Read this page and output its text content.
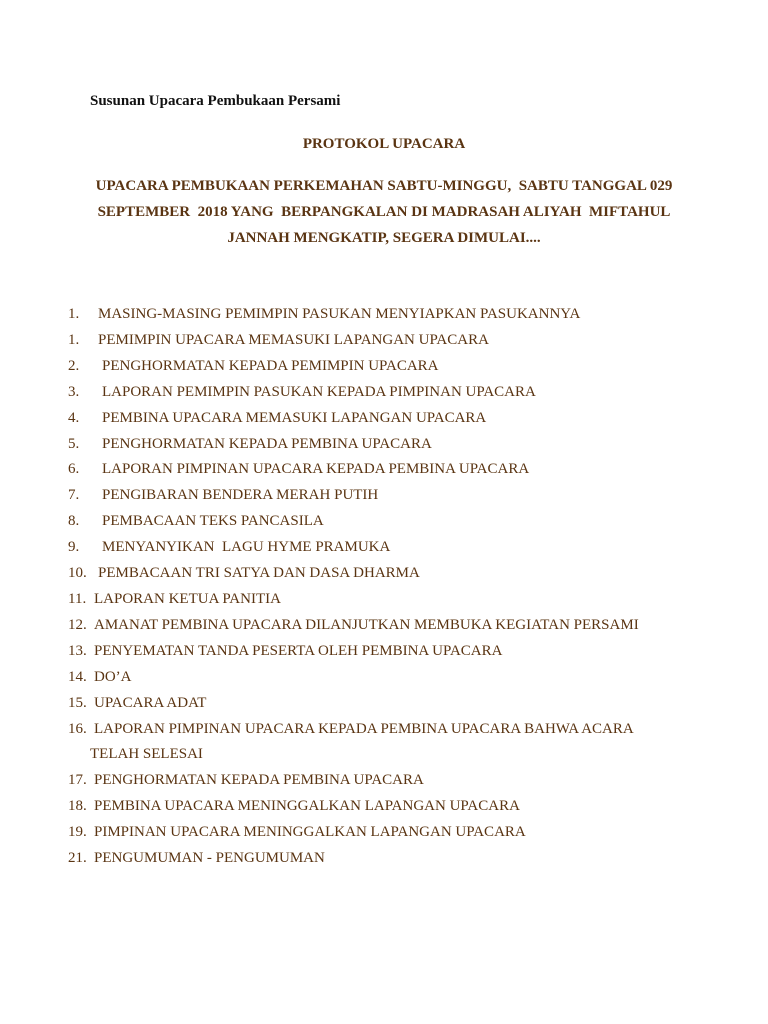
Susunan Upacara Pembukaan Persami
PROTOKOL UPACARA
UPACARA PEMBUKAAN PERKEMAHAN SABTU-MINGGU,  SABTU TANGGAL 029
SEPTEMBER  2018 YANG  BERPANGKALAN DI MADRASAH ALIYAH  MIFTAHUL
JANNAH MENGKATIP, SEGERA DIMULAI....
1. MASING-MASING PEMIMPIN PASUKAN MENYIAPKAN PASUKANNYA
1. PEMIMPIN UPACARA MEMASUKI LAPANGAN UPACARA
2. PENGHORMATAN KEPADA PEMIMPIN UPACARA
3. LAPORAN PEMIMPIN PASUKAN KEPADA PIMPINAN UPACARA
4. PEMBINA UPACARA MEMASUKI LAPANGAN UPACARA
5. PENGHORMATAN KEPADA PEMBINA UPACARA
6. LAPORAN PIMPINAN UPACARA KEPADA PEMBINA UPACARA
7. PENGIBARAN BENDERA MERAH PUTIH
8. PEMBACAAN TEKS PANCASILA
9. MENYANYIKAN  LAGU HYME PRAMUKA
10. PEMBACAAN TRI SATYA DAN DASA DHARMA
11. LAPORAN KETUA PANITIA
12. AMANAT PEMBINA UPACARA DILANJUTKAN MEMBUKA KEGIATAN PERSAMI
13. PENYEMATAN TANDA PESERTA OLEH PEMBINA UPACARA
14. DO’A
15. UPACARA ADAT
16. LAPORAN PIMPINAN UPACARA KEPADA PEMBINA UPACARA BAHWA ACARA
TELAH SELESAI
17. PENGHORMATAN KEPADA PEMBINA UPACARA
18. PEMBINA UPACARA MENINGGALKAN LAPANGAN UPACARA
19. PIMPINAN UPACARA MENINGGALKAN LAPANGAN UPACARA
21. PENGUMUMAN - PENGUMUMAN
